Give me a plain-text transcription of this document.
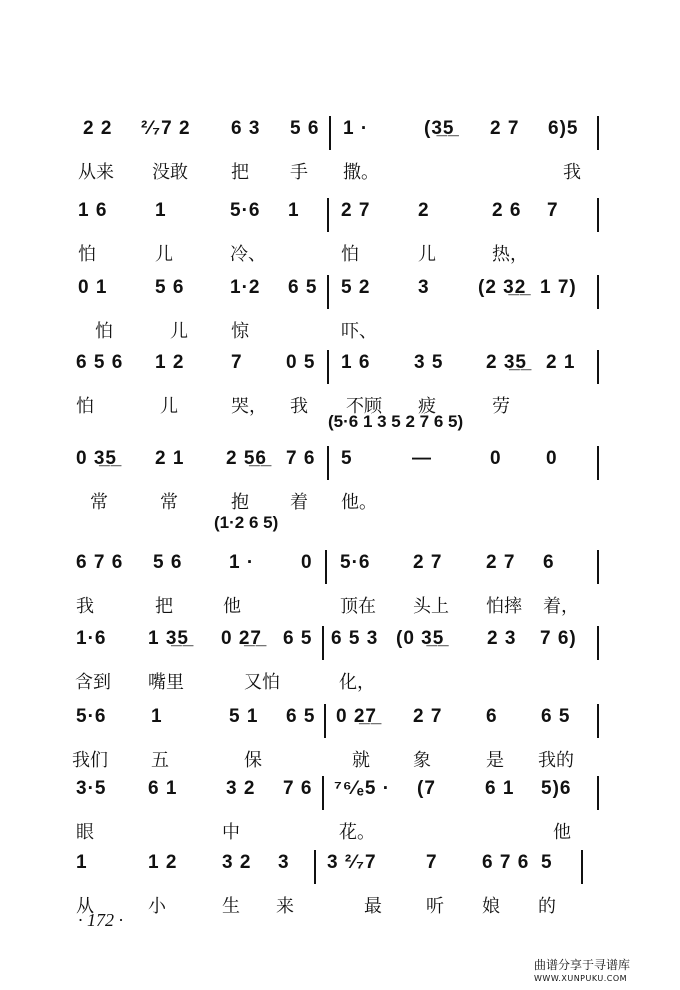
2 2 ²⁄₇7 2 6 3 5 6 1 ·	(3̲5̲ 2 7 6)5
从来 没敢 把 手 撒。	我
1 6	1	5·6 1 2 7	2	2 6 7
怕	儿	冷、	怕	儿	热，
0 1	5 6 1·2 6 5 5 2	3	(2 3̲2̲ 1 7)
怕	儿 惊	吓、
6 5 6 1 2 7 0 5 1 6 3 5 2 3̲5̲ 2 1
怕	儿	哭， 我 不顾 疲	劳
(5·6 1 3 5 2 7 6 5)
0 3̲5̲ 2 1 2 5̲6̲ 7 6 5	—	0 0
常	常	抱 着 他。
(1·2 6 5)
6 7 6 5 6 1 · 0 5·6 2 7 2 7 6
我	把	他	顶在 头上 怕摔 着，
1·6 1 3̲5̲ 0 2̲7̲ 6 5 6 5 3 (0 3̲5̲ 2 3 7 6)
含到 嘴里	又怕	化，
5·6 1	5 1 6 5 0 2̲7̲ 2 7 6 6 5
我们 五	保	就 象	是 我的
3·5 6 1	3 2 7 6 ⁷⁶⁄ₑ5 · (7	6 1 5)6
眼	中	花。	他
1	1 2 3 2 3 3 ²⁄₇7	7 6 7 6 5
从	小	生 来	最 听 娘 的
· 172 ·
曲谱分享于寻谱库
WWW.XUNPUKU.COM
